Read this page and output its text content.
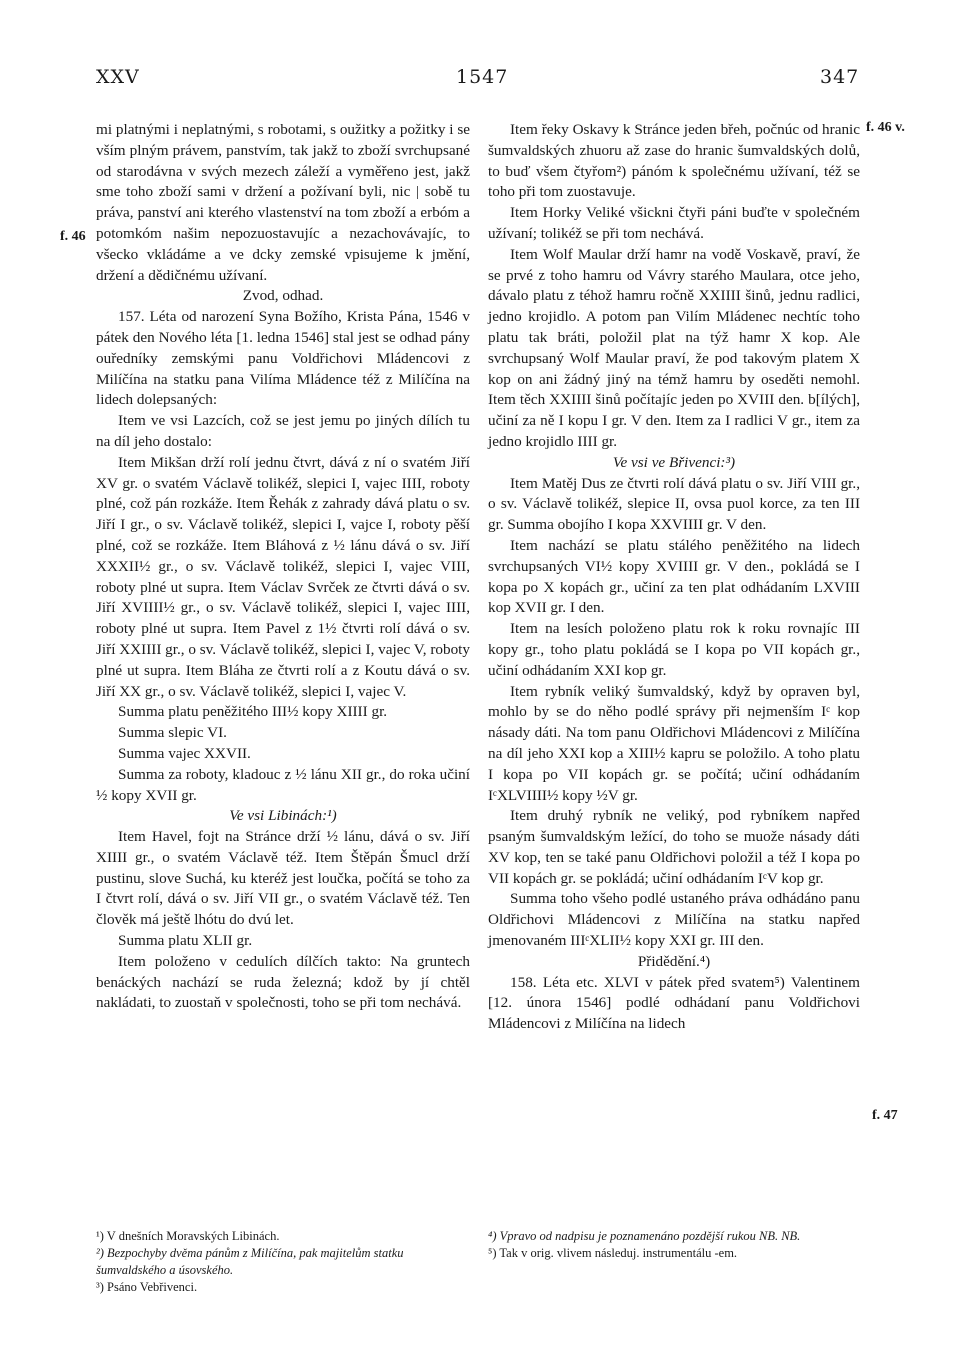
XXV	1547	347
f. 46
f. 46 v.
f. 47

mi platnými i neplatnými, s robotami, s oužitky a požitky i se vším plným právem, panstvím, tak jakž to zboží svrchupsané od starodávna v svých mezech záleží a vyměřeno jest, jakž sme toho zboží sami v držení a požívaní byli, nic | sobě tu práva, panství ani kterého vlastenství na tom zboží a erbóm a potomkóm našim nepozuostavujíc a nezachovávajíc, to všecko vkládáme a ve dcky zemské vpisujeme k jmění, držení a dědičnému užívaní.

Zvod, odhad.

157. Léta od narození Syna Božího, Krista Pána, 1546 v pátek den Nového léta [1. ledna 1546] stal jest se odhad pány ouředníky zemskými panu Voldřichovi Mládencovi z Milíčína na statku pana Vilíma Mládence též z Milíčína na lidech dolepsaných:

Item ve vsi Lazcích, což se jest jemu po jiných dílích tu na díl jeho dostalo:

Item Mikšan drží rolí jednu čtvrt, dává z ní o svatém Jiří XV gr. o svatém Václavě tolikéž, slepici I, vajec IIII, roboty plné, což pán rozkáže. Item Řehák z zahrady dává platu o sv. Jiří I gr., o sv. Václavě tolikéž, slepici I, vajce I, roboty pěší plné, což se rozkáže. Item Bláhová z ½ lánu dává o sv. Jiří XXXII½ gr., o sv. Václavě tolikéž, slepici I, vajec VIII, roboty plné ut supra. Item Václav Svrček ze čtvrti dává o sv. Jiří XVIIII½ gr., o sv. Václavě tolikéž, slepici I, vajec IIII, roboty plné ut supra. Item Pavel z 1½ čtvrti rolí dává o sv. Jiří XXIIII gr., o sv. Václavě tolikéž, slepici I, vajec V, roboty plné ut supra. Item Bláha ze čtvrti rolí a z Koutu dává o sv. Jiří XX gr., o sv. Václavě tolikéž, slepici I, vajec V.

Summa platu peněžitého III½ kopy XIIII gr.

Summa slepic VI.

Summa vajec XXVII.

Summa za roboty, kladouc z ½ lánu XII gr., do roka učiní ½ kopy XVII gr.

Ve vsi Libinách:¹)

Item Havel, fojt na Stránce drží ½ lánu, dává o sv. Jiří XIIII gr., o svatém Václavě též. Item Štěpán Šmucl drží pustinu, slove Suchá, ku kteréž jest loučka, počítá se toho za I čtvrt rolí, dává o sv. Jiří VII gr., o svatém Václavě též. Ten člověk má ještě lhótu do dvú let.

Summa platu XLII gr.

Item položeno v cedulích dílčích takto: Na gruntech benáckých nachází se ruda železná; kdož by jí chtěl nakládati, to zuostaň v společnosti, toho se při tom nechává.

Item řeky Oskavy k Stránce jeden břeh, počnúc od hranic šumvaldských zhuoru až zase do hranic šumvaldských dolů, to buď všem čtyřom²) pánóm k společnému užívaní, též se toho při tom zuostavuje.

Item Horky Veliké všickni čtyři páni buďte v společném užívaní; tolikéž se při tom nechává.

Item Wolf Maular drží hamr na vodě Voskavě, praví, že se prvé z toho hamru od Vávry starého Maulara, otce jeho, dávalo platu z téhož hamru ročně XXIIII šinů, jednu radlici, jedno krojidlo. A potom pan Vilím Mládenec nechtíc toho platu tak bráti, položil plat na týž hamr X kop. Ale svrchupsaný Wolf Maular praví, že pod takovým platem X kop on ani žádný jiný na témž hamru by oseděti nemohl. Item těch XXIIII šinů počítajíc jeden po XVIII den. b[ílých], učiní za ně I kopu I gr. V den. Item za I radlici V gr., item za jedno krojidlo IIII gr.

Ve vsi ve Břivenci:³)

Item Matěj Dus ze čtvrti rolí dává platu o sv. Jiří VIII gr., o sv. Václavě tolikéž, slepice II, ovsa puol korce, za ten III gr. Summa obojího I kopa XXVIIII gr. V den.

Item nachází se platu stálého peněžitého na lidech svrchupsaných VI½ kopy XVIIII gr. V den., pokládá se I kopa po X kopách gr., učiní za ten plat odhádaním LXVIII kop XVII gr. I den.

Item na lesích položeno platu rok k roku rovnajíc III kopy gr., toho platu pokládá se I kopa po VII kopách gr., učiní odhádaním XXI kop gr.

Item rybník veliký šumvaldský, když by opraven byl, mohlo by se do něho podlé správy při nejmenším Iᶜ kop násady dáti. Na tom panu Oldřichovi Mládencovi z Milíčína na díl jeho XXI kop a XIII½ kapru se položilo. A toho platu I kopa po VII kopách gr. se počítá; učiní odhádaním IᶜXLVIIII½ kopy ½V gr.

Item druhý rybník ne veliký, pod rybníkem napřed psaným šumvaldským ležící, do toho se muože násady dáti XV kop, ten se také panu Oldřichovi položil a též I kopa po VII kopách gr. se pokládá; učiní odhádaním IᶜV kop gr.

Summa toho všeho podlé ustaného práva odhádáno panu Oldřichovi Mládencovi z Milíčína na statku napřed jmenovaném IIIᶜXLII½ kopy XXI gr. III den.

Přidědění.⁴)

158. Léta etc. XLVI v pátek před svatem⁵) Valentinem [12. února 1546] podlé odhádaní panu Voldřichovi Mládencovi z Milíčína na lidech

¹) V dnešních Moravských Libinách.

²) Bezpochyby dvěma pánům z Milíčína, pak majitelům statku šumvaldského a úsovského.

³) Psáno Vebřivenci.

⁴) Vpravo od nadpisu je poznamenáno pozdější rukou NB. NB.

⁵) Tak v orig. vlivem následuj. instrumentálu -em.
